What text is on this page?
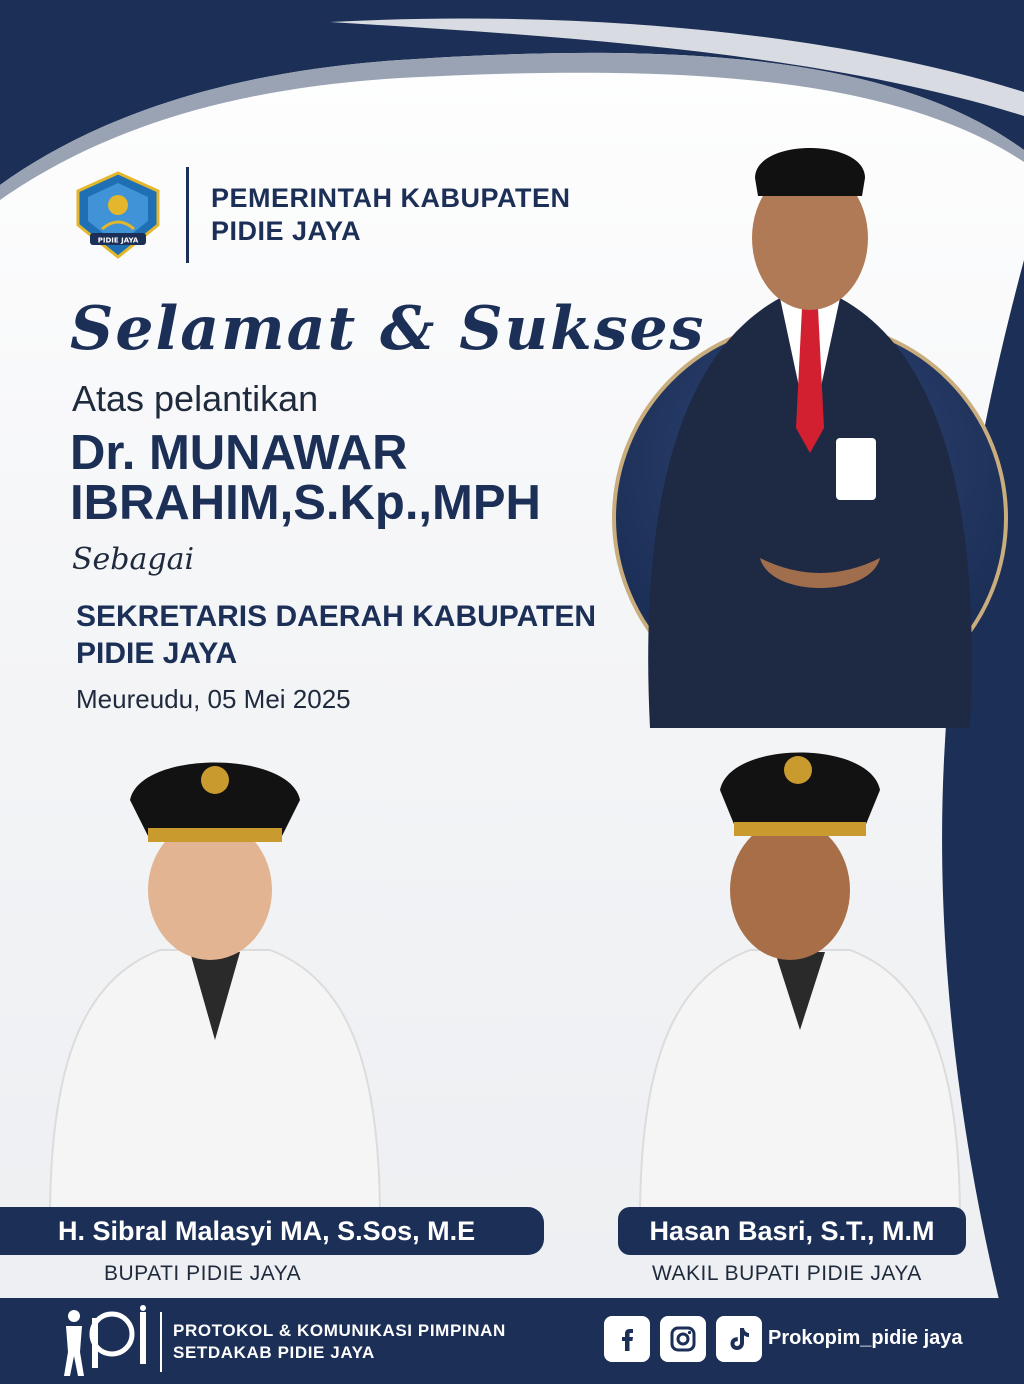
PIDIE JAYA
PEMERINTAH KABUPATEN PIDIE JAYA
Selamat & Sukses
Atas pelantikan
Dr. MUNAWAR IBRAHIM,S.Kp.,MPH
Sebagai
SEKRETARIS DAERAH KABUPATEN PIDIE JAYA
Meureudu, 05 Mei 2025
H. Sibral Malasyi MA, S.Sos, M.E
BUPATI PIDIE JAYA
Hasan Basri, S.T., M.M
WAKIL BUPATI PIDIE JAYA
PROTOKOL & KOMUNIKASI PIMPINAN
SETDAKAB PIDIE JAYA
Prokopim_pidie jaya
